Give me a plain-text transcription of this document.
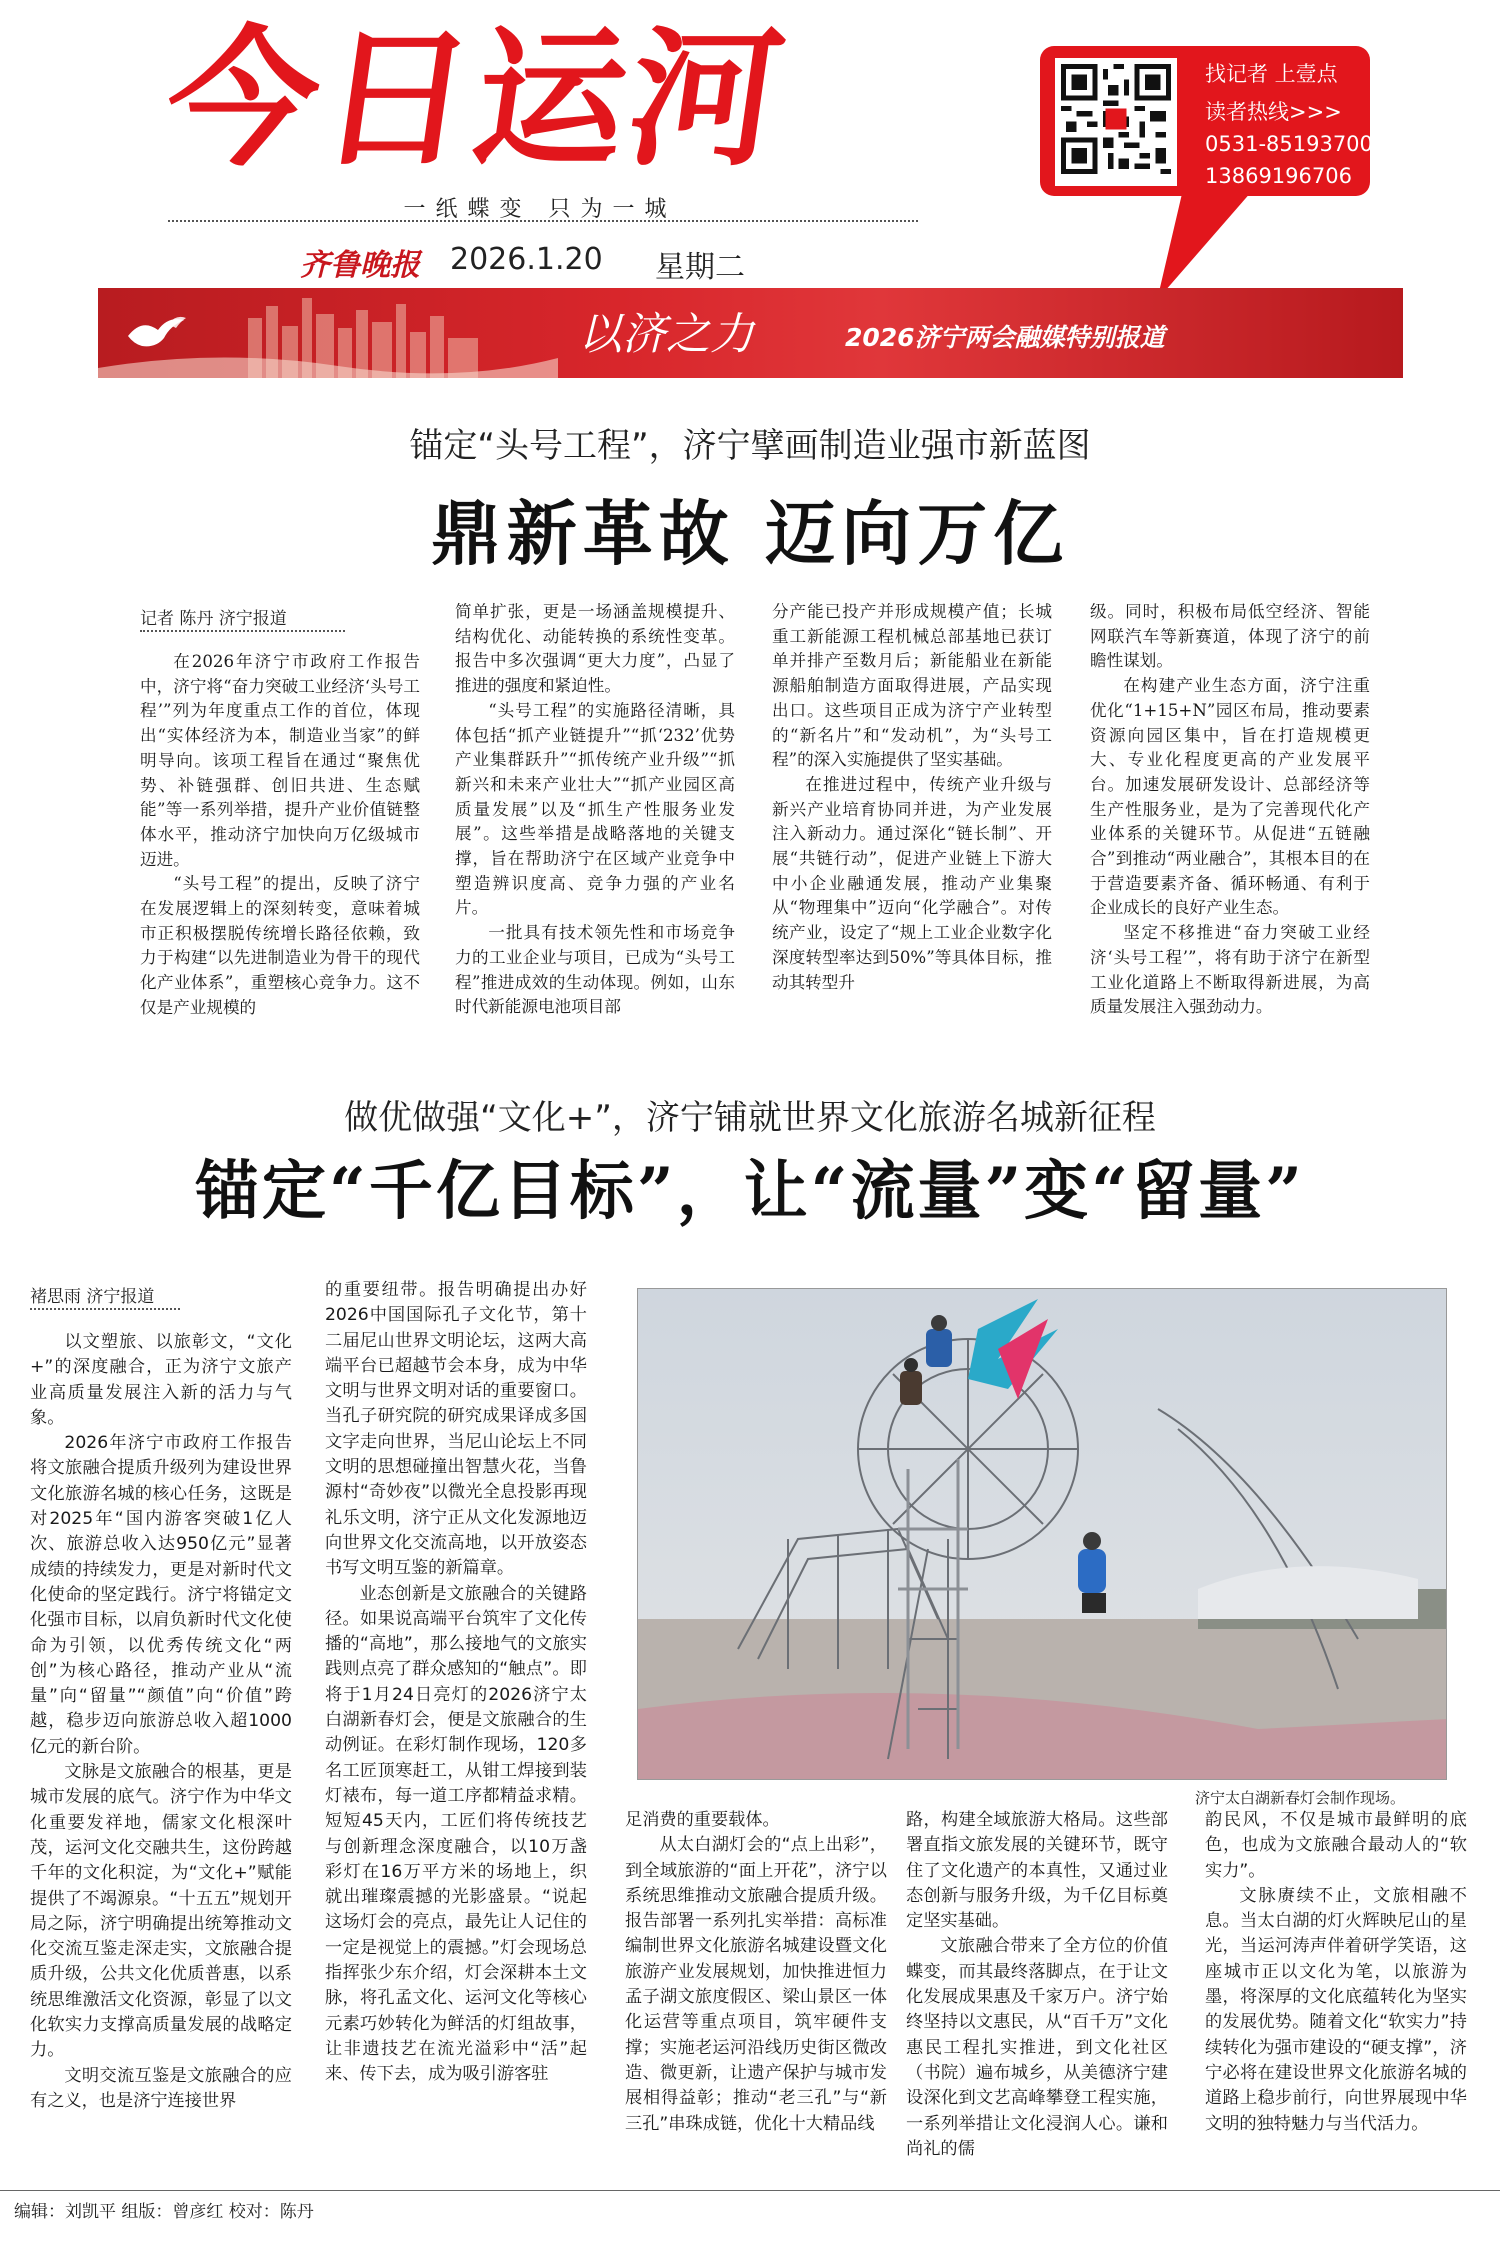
今日运河
一纸蝶变 只为一城
齐鲁晚报 2026.1.20 星期二
找记者 上壹点
读者热线>>>
0531-85193700
13869196706
以济之力	2026济宁两会融媒特别报道
锚定“头号工程”，济宁擘画制造业强市新蓝图
鼎新革故 迈向万亿
记者 陈丹 济宁报道

在2026年济宁市政府工作报告中，济宁将“奋力突破工业经济‘头号工程’”列为年度重点工作的首位，体现出“实体经济为本，制造业当家”的鲜明导向。该项工程旨在通过“聚焦优势、补链强群、创旧共进、生态赋能”等一系列举措，提升产业价值链整体水平，推动济宁加快向万亿级城市迈进。

“头号工程”的提出，反映了济宁在发展逻辑上的深刻转变，意味着城市正积极摆脱传统增长路径依赖，致力于构建“以先进制造业为骨干的现代化产业体系”，重塑核心竞争力。这不仅是产业规模的

简单扩张，更是一场涵盖规模提升、结构优化、动能转换的系统性变革。报告中多次强调“更大力度”，凸显了推进的强度和紧迫性。

“头号工程”的实施路径清晰，具体包括“抓产业链提升”“抓‘232’优势产业集群跃升”“抓传统产业升级”“抓新兴和未来产业壮大”“抓产业园区高质量发展”以及“抓生产性服务业发展”。这些举措是战略落地的关键支撑，旨在帮助济宁在区域产业竞争中塑造辨识度高、竞争力强的产业名片。

一批具有技术领先性和市场竞争力的工业企业与项目，已成为“头号工程”推进成效的生动体现。例如，山东时代新能源电池项目部

分产能已投产并形成规模产值；长城重工新能源工程机械总部基地已获订单并排产至数月后；新能船业在新能源船舶制造方面取得进展，产品实现出口。这些项目正成为济宁产业转型的“新名片”和“发动机”，为“头号工程”的深入实施提供了坚实基础。

在推进过程中，传统产业升级与新兴产业培育协同并进，为产业发展注入新动力。通过深化“链长制”、开展“共链行动”，促进产业链上下游大中小企业融通发展，推动产业集聚从“物理集中”迈向“化学融合”。对传统产业，设定了“规上工业企业数字化深度转型率达到50%”等具体目标，推动其转型升

级。同时，积极布局低空经济、智能网联汽车等新赛道，体现了济宁的前瞻性谋划。

在构建产业生态方面，济宁注重优化“1+15+N”园区布局，推动要素资源向园区集中，旨在打造规模更大、专业化程度更高的产业发展平台。加速发展研发设计、总部经济等生产性服务业，是为了完善现代化产业体系的关键环节。从促进“五链融合”到推动“两业融合”，其根本目的在于营造要素齐备、循环畅通、有利于企业成长的良好产业生态。

坚定不移推进“奋力突破工业经济‘头号工程’”，将有助于济宁在新型工业化道路上不断取得新进展，为高质量发展注入强劲动力。

做优做强“文化+”，济宁铺就世界文化旅游名城新征程
锚定“千亿目标”，让“流量”变“留量”
褚思雨 济宁报道

以文塑旅、以旅彰文，“文化+”的深度融合，正为济宁文旅产业高质量发展注入新的活力与气象。

2026年济宁市政府工作报告将文旅融合提质升级列为建设世界文化旅游名城的核心任务，这既是对2025年“国内游客突破1亿人次、旅游总收入达950亿元”显著成绩的持续发力，更是对新时代文化使命的坚定践行。济宁将锚定文化强市目标，以肩负新时代文化使命为引领，以优秀传统文化“两创”为核心路径，推动产业从“流量”向“留量”“颜值”向“价值”跨越，稳步迈向旅游总收入超1000亿元的新台阶。

文脉是文旅融合的根基，更是城市发展的底气。济宁作为中华文化重要发祥地，儒家文化根深叶茂，运河文化交融共生，这份跨越千年的文化积淀，为“文化+”赋能提供了不竭源泉。“十五五”规划开局之际，济宁明确提出统筹推动文化交流互鉴走深走实，文旅融合提质升级，公共文化优质普惠，以系统思维激活文化资源，彰显了以文化软实力支撑高质量发展的战略定力。

文明交流互鉴是文旅融合的应有之义，也是济宁连接世界

的重要纽带。报告明确提出办好2026中国国际孔子文化节，第十二届尼山世界文明论坛，这两大高端平台已超越节会本身，成为中华文明与世界文明对话的重要窗口。当孔子研究院的研究成果译成多国文字走向世界，当尼山论坛上不同文明的思想碰撞出智慧火花，当鲁源村“奇妙夜”以微光全息投影再现礼乐文明，济宁正从文化发源地迈向世界文化交流高地，以开放姿态书写文明互鉴的新篇章。

业态创新是文旅融合的关键路径。如果说高端平台筑牢了文化传播的“高地”，那么接地气的文旅实践则点亮了群众感知的“触点”。即将于1月24日亮灯的2026济宁太白湖新春灯会，便是文旅融合的生动例证。在彩灯制作现场，120多名工匠顶寒赶工，从钳工焊接到装灯裱布，每一道工序都精益求精。短短45天内，工匠们将传统技艺与创新理念深度融合，以10万盏彩灯在16万平方米的场地上，织就出璀璨震撼的光影盛景。“说起这场灯会的亮点，最先让人记住的一定是视觉上的震撼。”灯会现场总指挥张少东介绍，灯会深耕本土文脉，将孔孟文化、运河文化等核心元素巧妙转化为鲜活的灯组故事，让非遗技艺在流光溢彩中“活”起来、传下去，成为吸引游客驻

济宁太白湖新春灯会制作现场。

足消费的重要载体。

从太白湖灯会的“点上出彩”，到全域旅游的“面上开花”，济宁以系统思维推动文旅融合提质升级。报告部署一系列扎实举措：高标准编制世界文化旅游名城建设暨文化旅游产业发展规划，加快推进恒力孟子湖文旅度假区、梁山景区一体化运营等重点项目，筑牢硬件支撑；实施老运河沿线历史街区微改造、微更新，让遗产保护与城市发展相得益彰；推动“老三孔”与“新三孔”串珠成链，优化十大精品线

路，构建全域旅游大格局。这些部署直指文旅发展的关键环节，既守住了文化遗产的本真性，又通过业态创新与服务升级，为千亿目标奠定坚实基础。

文旅融合带来了全方位的价值蝶变，而其最终落脚点，在于让文化发展成果惠及千家万户。济宁始终坚持以文惠民，从“百千万”文化惠民工程扎实推进，到文化社区（书院）遍布城乡，从美德济宁建设深化到文艺高峰攀登工程实施，一系列举措让文化浸润人心。谦和尚礼的儒

韵民风，不仅是城市最鲜明的底色，也成为文旅融合最动人的“软实力”。

文脉赓续不止，文旅相融不息。当太白湖的灯火辉映尼山的星光，当运河涛声伴着研学笑语，这座城市正以文化为笔，以旅游为墨，将深厚的文化底蕴转化为坚实的发展优势。随着文化“软实力”持续转化为强市建设的“硬支撑”，济宁必将在建设世界文化旅游名城的道路上稳步前行，向世界展现中华文明的独特魅力与当代活力。

编辑：刘凯平 组版：曾彦红 校对：陈丹
